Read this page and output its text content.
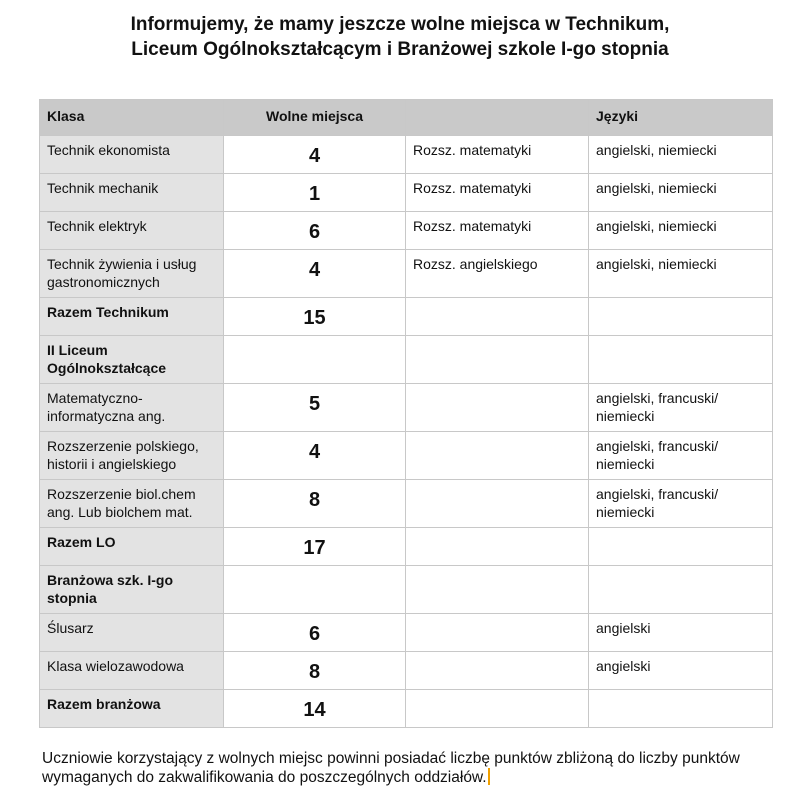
Informujemy, że mamy jeszcze wolne miejsca w Technikum,
Liceum Ogólnokształcącym i Branżowej szkole I-go stopnia
Klasa	Wolne miejsca		Języki
Technik ekonomista	4	Rozsz. matematyki	angielski, niemiecki
Technik mechanik	1	Rozsz. matematyki	angielski, niemiecki
Technik elektryk	6	Rozsz. matematyki	angielski, niemiecki
Technik żywienia i usług gastronomicznych	4	Rozsz. angielskiego	angielski, niemiecki
Razem Technikum	15		
II Liceum Ogólnokształcące			
Matematyczno-informatyczna ang.	5		angielski, francuski/ niemiecki
Rozszerzenie polskiego, historii i angielskiego	4		angielski, francuski/ niemiecki
Rozszerzenie biol.chem ang. Lub biolchem mat.	8		angielski, francuski/ niemiecki
Razem LO	17		
Branżowa szk. I-go stopnia			
Ślusarz	6		angielski
Klasa wielozawodowa	8		angielski
Razem branżowa	14		
Uczniowie korzystający z wolnych miejsc powinni posiadać liczbę punktów zbliżoną do liczby punktów wymaganych do zakwalifikowania do poszczególnych oddziałów.
